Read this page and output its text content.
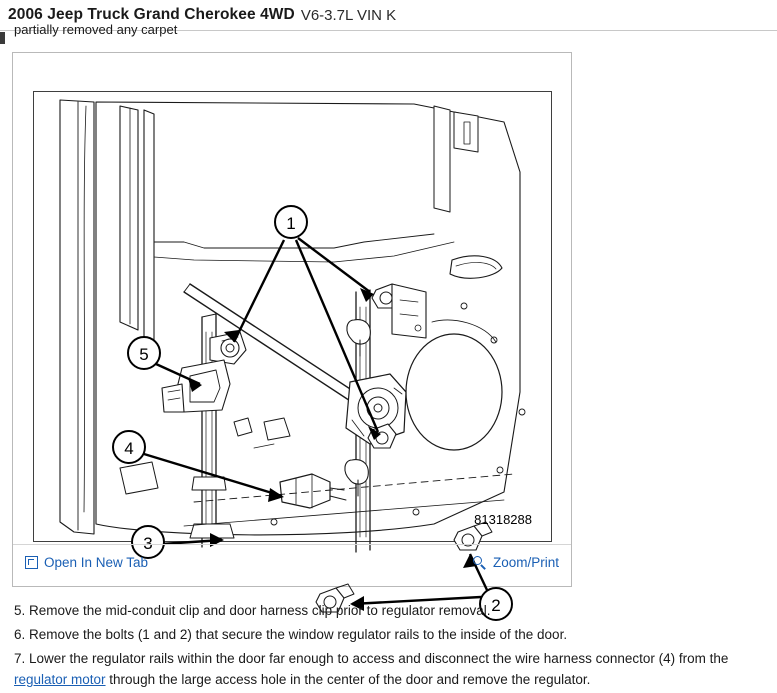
2006 Jeep Truck Grand Cherokee 4WD V6-3.7L VIN K
partially removed any carpet
1
2
3
4
5
81318288
Open In New Tab	Zoom/Print
5. Remove the mid-conduit clip and door harness clip prior to regulator removal.
6. Remove the bolts (1 and 2) that secure the window regulator rails to the inside of the door.
7. Lower the regulator rails within the door far enough to access and disconnect the wire harness connector (4) from the regulator motor through the large access hole in the center of the door and remove the regulator.
